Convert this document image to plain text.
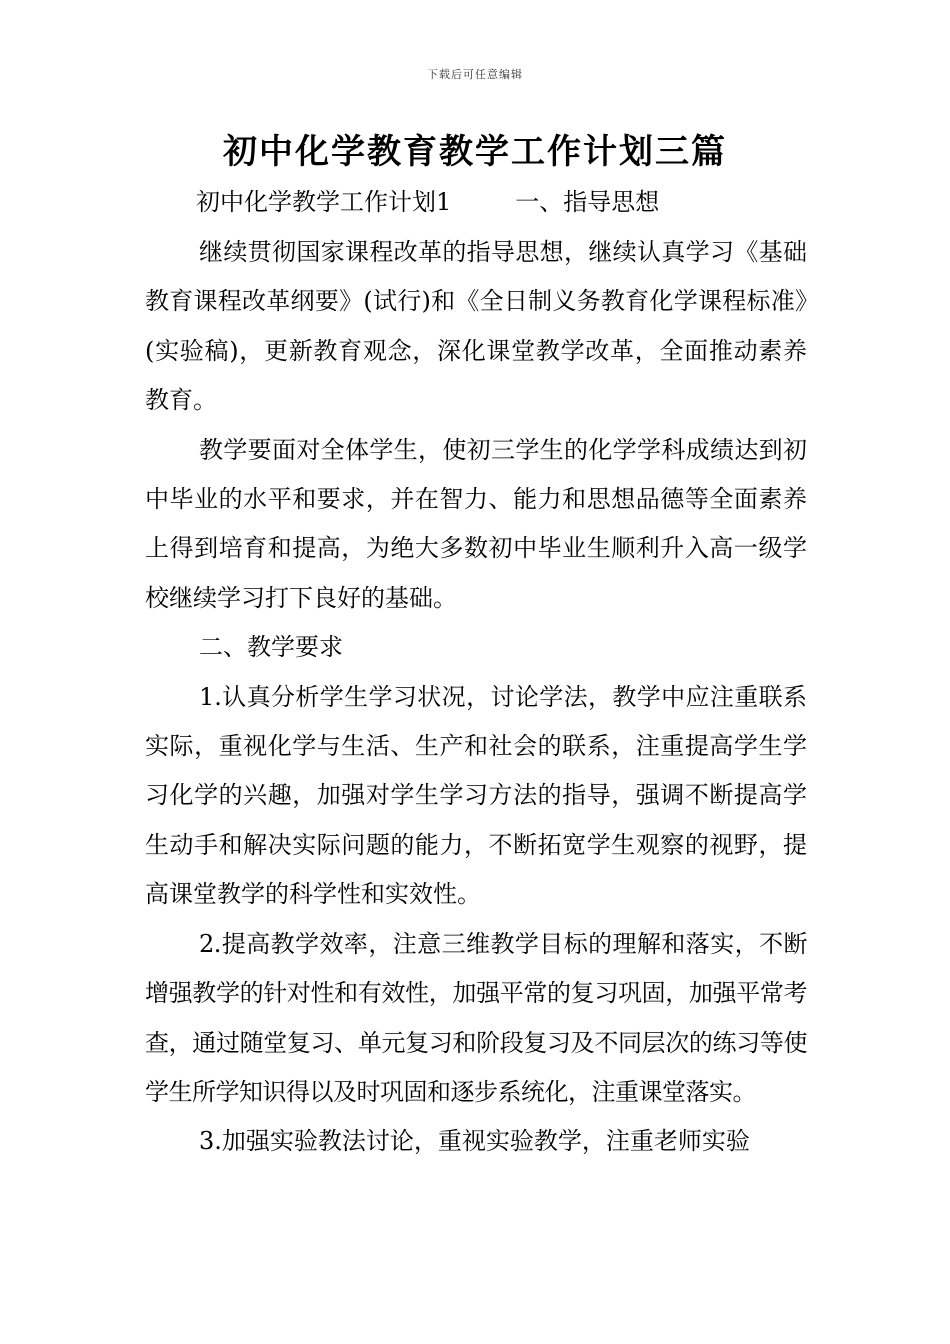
下载后可任意编辑
初中化学教育教学工作计划三篇
初中化学教学工作计划1	一、指导思想

继续贯彻国家课程改革的指导思想，继续认真学习《基础教育课程改革纲要》(试行)和《全日制义务教育化学课程标准》(实验稿)，更新教育观念，深化课堂教学改革，全面推动素养教育。

教学要面对全体学生，使初三学生的化学学科成绩达到初中毕业的水平和要求，并在智力、能力和思想品德等全面素养上得到培育和提高，为绝大多数初中毕业生顺利升入高一级学校继续学习打下良好的基础。

二、教学要求

1.认真分析学生学习状况，讨论学法，教学中应注重联系实际，重视化学与生活、生产和社会的联系，注重提高学生学习化学的兴趣，加强对学生学习方法的指导，强调不断提高学生动手和解决实际问题的能力，不断拓宽学生观察的视野，提高课堂教学的科学性和实效性。

2.提高教学效率，注意三维教学目标的理解和落实，不断增强教学的针对性和有效性，加强平常的复习巩固，加强平常考查，通过随堂复习、单元复习和阶段复习及不同层次的练习等使学生所学知识得以及时巩固和逐步系统化，注重课堂落实。

3.加强实验教法讨论，重视实验教学，注重老师实验
